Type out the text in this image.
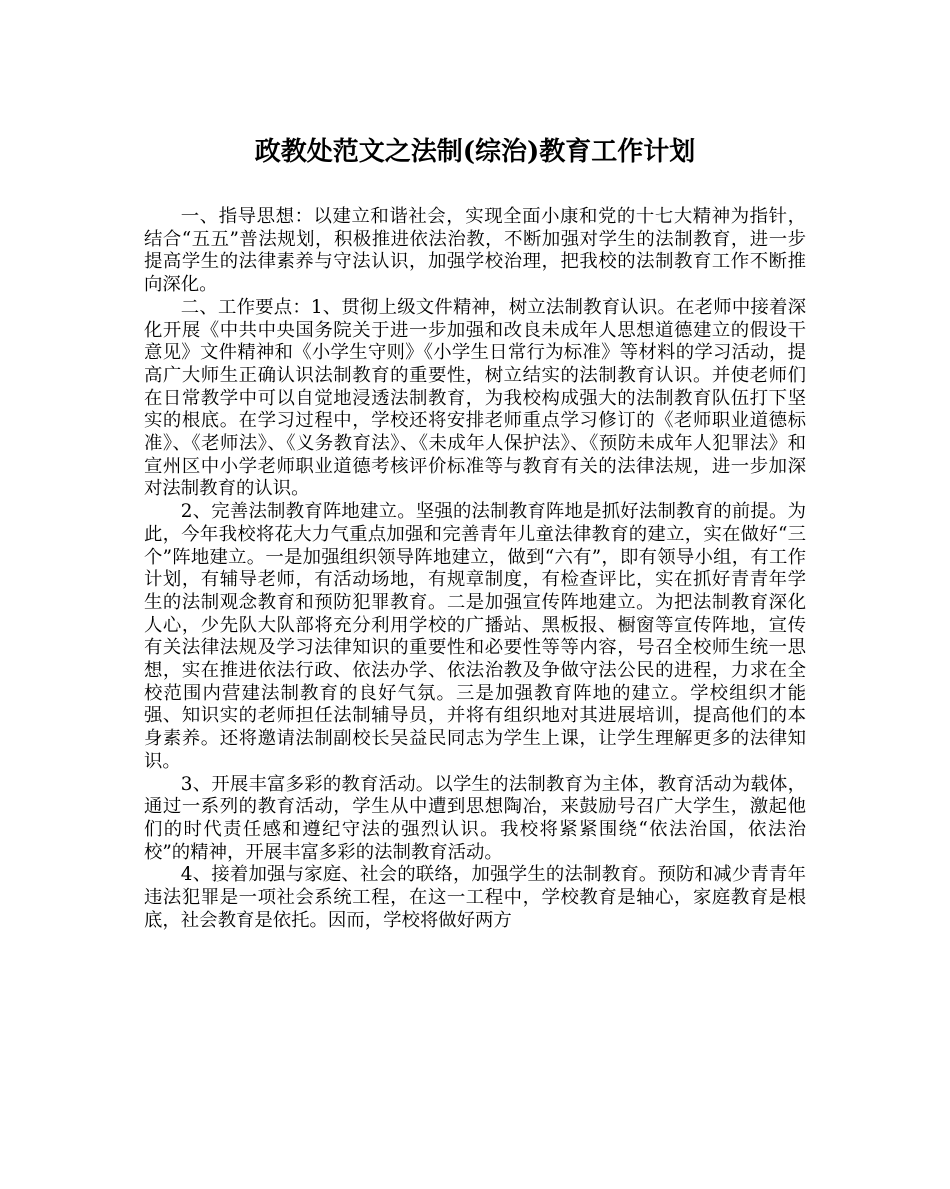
政教处范文之法制(综治)教育工作计划

一、指导思想：以建立和谐社会，实现全面小康和党的十七大精神为指针，结合“五五”普法规划，积极推进依法治教，不断加强对学生的法制教育，进一步提高学生的法律素养与守法认识，加强学校治理，把我校的法制教育工作不断推向深化。

二、工作要点：1、贯彻上级文件精神，树立法制教育认识。在老师中接着深化开展《中共中央国务院关于进一步加强和改良未成年人思想道德建立的假设干意见》文件精神和《小学生守则》《小学生日常行为标准》等材料的学习活动，提高广大师生正确认识法制教育的重要性，树立结实的法制教育认识。并使老师们在日常教学中可以自觉地浸透法制教育，为我校构成强大的法制教育队伍打下坚实的根底。在学习过程中，学校还将安排老师重点学习修订的《老师职业道德标准》、《老师法》、《义务教育法》、《未成年人保护法》、《预防未成年人犯罪法》和宣州区中小学老师职业道德考核评价标准等与教育有关的法律法规，进一步加深对法制教育的认识。

2、完善法制教育阵地建立。坚强的法制教育阵地是抓好法制教育的前提。为此，今年我校将花大力气重点加强和完善青年儿童法律教育的建立，实在做好“三个”阵地建立。一是加强组织领导阵地建立，做到“六有”，即有领导小组，有工作计划，有辅导老师，有活动场地，有规章制度，有检查评比，实在抓好青青年学生的法制观念教育和预防犯罪教育。二是加强宣传阵地建立。为把法制教育深化人心，少先队大队部将充分利用学校的广播站、黑板报、橱窗等宣传阵地，宣传有关法律法规及学习法律知识的重要性和必要性等等内容，号召全校师生统一思想，实在推进依法行政、依法办学、依法治教及争做守法公民的进程，力求在全校范围内营建法制教育的良好气氛。三是加强教育阵地的建立。学校组织才能强、知识实的老师担任法制辅导员，并将有组织地对其进展培训，提高他们的本身素养。还将邀请法制副校长吴益民同志为学生上课，让学生理解更多的法律知识。

3、开展丰富多彩的教育活动。以学生的法制教育为主体，教育活动为载体，通过一系列的教育活动，学生从中遭到思想陶冶，来鼓励号召广大学生，激起他们的时代责任感和遵纪守法的强烈认识。我校将紧紧围绕“依法治国，依法治校”的精神，开展丰富多彩的法制教育活动。

4、接着加强与家庭、社会的联络，加强学生的法制教育。预防和减少青青年违法犯罪是一项社会系统工程，在这一工程中，学校教育是轴心，家庭教育是根底，社会教育是依托。因而，学校将做好两方
